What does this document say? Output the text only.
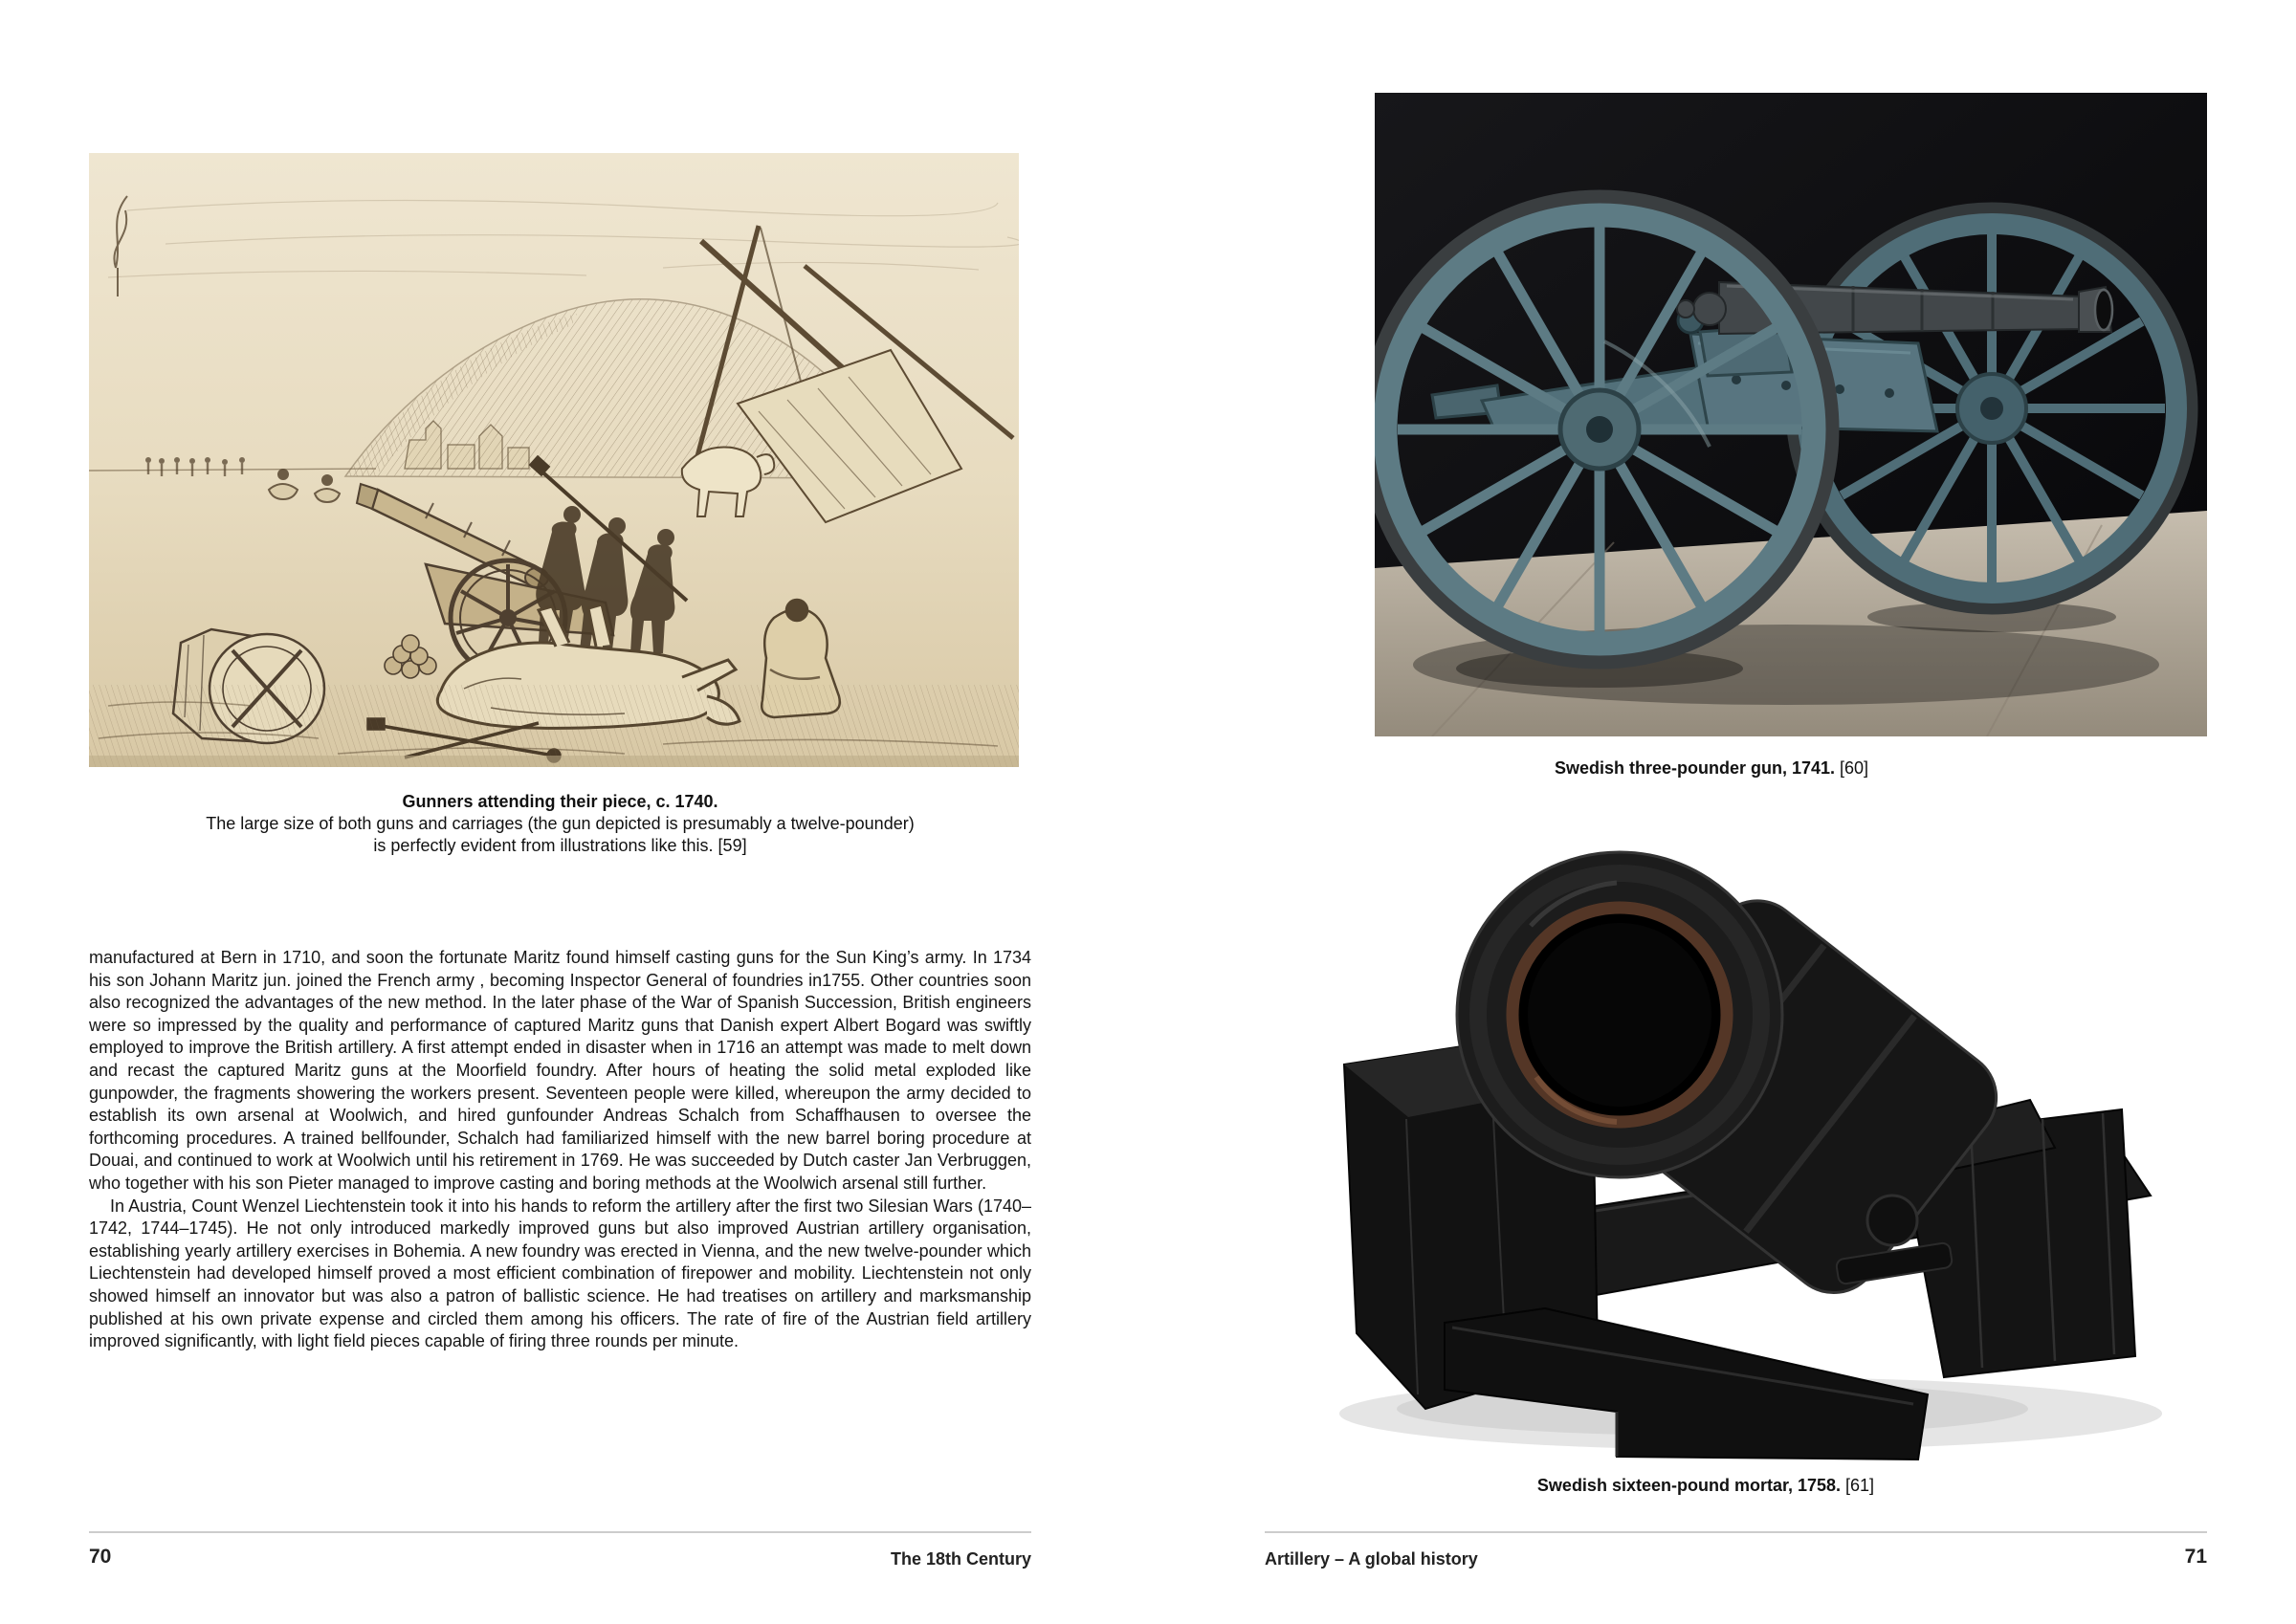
Gunners attending their piece, c. 1740.
The large size of both guns and carriages (the gun depicted is presumably a twelve-pounder)
is perfectly evident from illustrations like this. [59]

manufactured at Bern in 1710, and soon the fortunate Maritz found himself casting guns for the Sun King’s army. In 1734 his son Johann Maritz jun. joined the French army , becoming Inspector General of foundries in1755. Other countries soon also recognized the advantages of the new method. In the later phase of the War of Spanish Succession, British engineers were so impressed by the quality and performance of captured Maritz guns that Danish expert Albert Bogard was swiftly employed to improve the British artillery. A first attempt ended in disaster when in 1716 an attempt was made to melt down and recast the captured Maritz guns at the Moorfield foundry. After hours of heating the solid metal exploded like gunpowder, the fragments showering the workers present. Seventeen people were killed, whereupon the army decided to establish its own arsenal at Woolwich, and hired gunfounder Andreas Schalch from Schaffhausen to oversee the forthcoming procedures. A trained bellfounder, Schalch had familiarized himself with the new barrel boring procedure at Douai, and continued to work at Woolwich until his retirement in 1769. He was succeeded by Dutch caster Jan Verbruggen, who together with his son Pieter managed to improve casting and boring methods at the Woolwich arsenal still further.

In Austria, Count Wenzel Liechtenstein took it into his hands to reform the artillery after the first two Silesian Wars (1740–1742, 1744–1745). He not only introduced markedly improved guns but also improved Austrian artillery organisation, establishing yearly artillery exercises in Bohemia. A new foundry was erected in Vienna, and the new twelve-pounder which Liechtenstein had developed himself proved a most efficient combination of firepower and mobility. Liechtenstein not only showed himself an innovator but was also a patron of ballistic science. He had treatises on artillery and marksmanship published at his own private expense and circled them among his officers. The rate of fire of the Austrian field artillery improved significantly, with light field pieces capable of firing three rounds per minute.

70	The 18th Century
Swedish three-pounder gun, 1741. [60]
Swedish sixteen-pound mortar, 1758. [61]
Artillery – A global history	71
